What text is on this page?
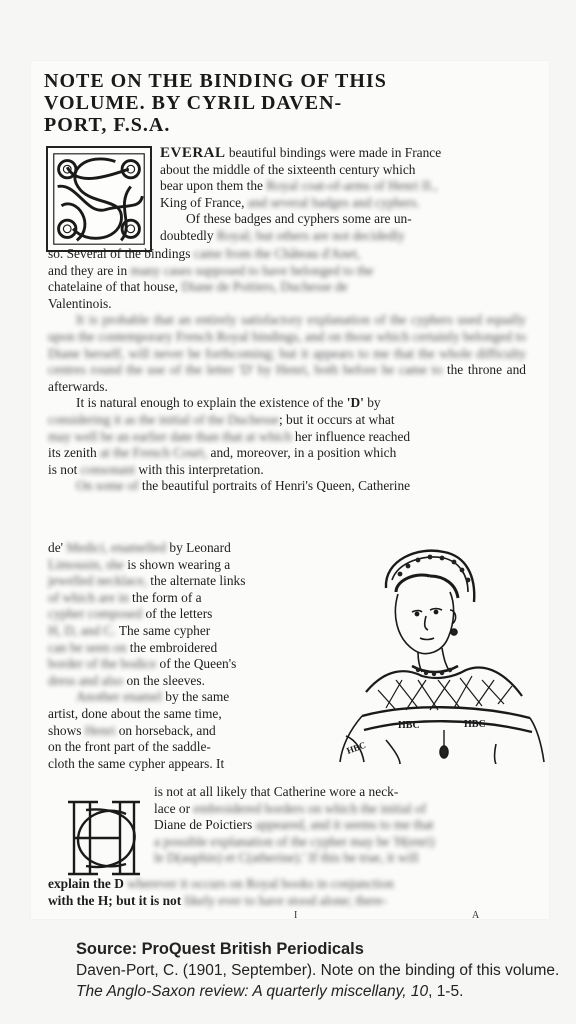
NOTE ON THE BINDING OF THIS
VOLUME. BY CYRIL DAVEN-
PORT, F.S.A.
EVERAL beautiful bindings were made in France
about the middle of the sixteenth century which
bear upon them the Royal coat-of-arms of Henri II.,
King of France, and several badges and cyphers.
Of these badges and cyphers some are un-
doubtedly Royal; but others are not decidedly
so. Several of the bindings came from the Château d'Anet,
and they are in many cases supposed to have belonged to the
chatelaine of that house, Diane de Poitiers, Duchesse de
Valentinois.
It is probable that an entirely satisfactory explanation of the cyphers used equally upon the contemporary French Royal bindings, and on those which certainly belonged to Diane herself, will never be forthcoming; but it appears to me that the whole difficulty centres round the use of the letter 'D' by Henri, both before he came to the throne and afterwards.
It is natural enough to explain the existence of the 'D' by
considering it as the initial of the Duchesse; but it occurs at what
may well be an earlier date than that at which her influence reached
its zenith at the French Court, and, moreover, in a position which
is not consonant with this interpretation.
On some of the beautiful portraits of Henri's Queen, Catherine
de' Medici, enamelled by Leonard
Limousin, she is shown wearing a
jewelled necklace, the alternate links
of which are in the form of a
cypher composed of the letters
H, D, and C. The same cypher
can be seen on the embroidered
border of the bodice of the Queen's
dress and also on the sleeves.
Another enamel by the same
artist, done about the same time,
shows Henri on horseback, and
on the front part of the saddle-
cloth the same cypher appears. It
HBC	HBC
HBC
is not at all likely that Catherine wore a neck-
lace or embroidered borders on which the initial of
Diane de Poictiers appeared, and it seems to me that
a possible explanation of the cypher may be 'H(enri)
le D(auphin) et C(atherine).' If this be true, it will
explain the D wherever it occurs on Royal books in conjunction
with the H; but it is not likely ever to have stood alone; there-
I	A
Source: ProQuest British Periodicals
Daven-Port, C. (1901, September). Note on the binding of this volume. The Anglo-Saxon review: A quarterly miscellany, 10, 1-5.
